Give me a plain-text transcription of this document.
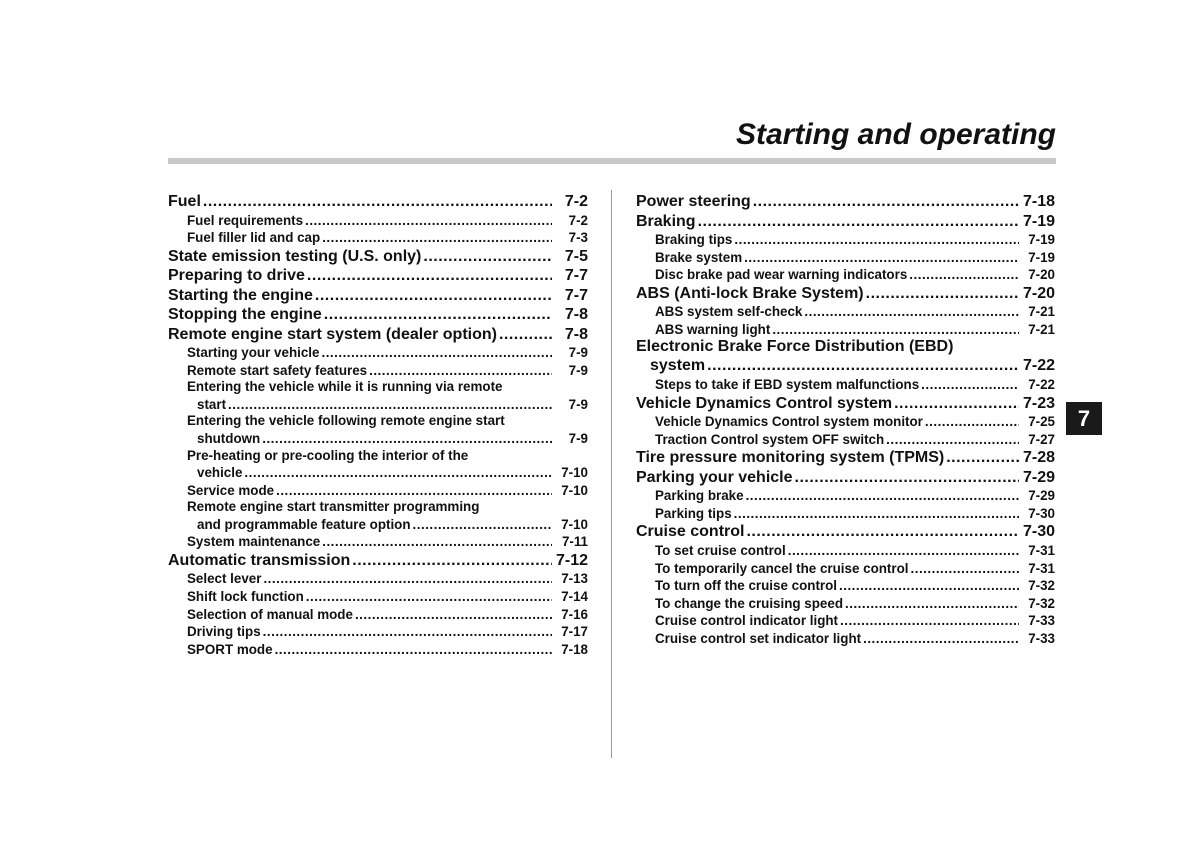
Starting and operating
7
Fuel .....	7-2
Fuel requirements .....	7-2
Fuel filler lid and cap .....	7-3
State emission testing (U.S. only) .....	7-5
Preparing to drive .....	7-7
Starting the engine .....	7-7
Stopping the engine .....	7-8
Remote engine start system (dealer option) .....	7-8
Starting your vehicle .....	7-9
Remote start safety features .....	7-9
Entering the vehicle while it is running via remote
start .....	7-9
Entering the vehicle following remote engine start
shutdown .....	7-9
Pre-heating or pre-cooling the interior of the
vehicle .....	7-10
Service mode .....	7-10
Remote engine start transmitter programming
and programmable feature option .....	7-10
System maintenance .....	7-11
Automatic transmission .....	7-12
Select lever .....	7-13
Shift lock function .....	7-14
Selection of manual mode .....	7-16
Driving tips .....	7-17
SPORT mode .....	7-18
Power steering .....	7-18
Braking .....	7-19
Braking tips .....	7-19
Brake system .....	7-19
Disc brake pad wear warning indicators .....	7-20
ABS (Anti-lock Brake System) .....	7-20
ABS system self-check .....	7-21
ABS warning light .....	7-21
Electronic Brake Force Distribution (EBD)
system .....	7-22
Steps to take if EBD system malfunctions .....	7-22
Vehicle Dynamics Control system .....	7-23
Vehicle Dynamics Control system monitor .....	7-25
Traction Control system OFF switch .....	7-27
Tire pressure monitoring system (TPMS) .....	7-28
Parking your vehicle .....	7-29
Parking brake .....	7-29
Parking tips .....	7-30
Cruise control .....	7-30
To set cruise control .....	7-31
To temporarily cancel the cruise control .....	7-31
To turn off the cruise control .....	7-32
To change the cruising speed .....	7-32
Cruise control indicator light .....	7-33
Cruise control set indicator light .....	7-33
